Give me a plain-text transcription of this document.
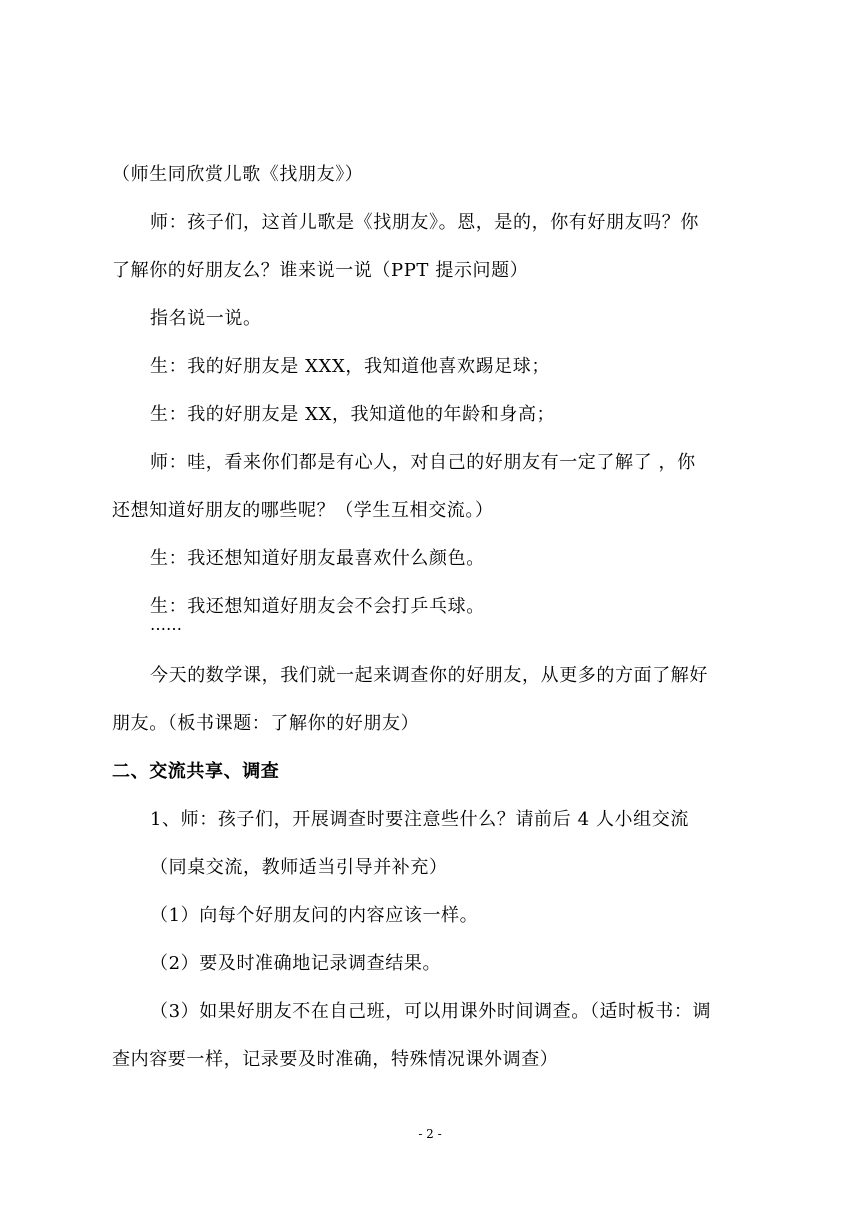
（师生同欣赏儿歌《找朋友》）
师：孩子们，这首儿歌是《找朋友》。恩，是的，你有好朋友吗？你
了解你的好朋友么？谁来说一说（PPT 提示问题）
指名说一说。
生：我的好朋友是 XXX，我知道他喜欢踢足球；
生：我的好朋友是 XX，我知道他的年龄和身高；
师：哇，看来你们都是有心人，对自己的好朋友有一定了解了 ，你
还想知道好朋友的哪些呢？（学生互相交流。）
生：我还想知道好朋友最喜欢什么颜色。
生：我还想知道好朋友会不会打乒乓球。
……
今天的数学课，我们就一起来调查你的好朋友，从更多的方面了解好
朋友。（板书课题：了解你的好朋友）
二、交流共享、调查
1、师：孩子们，开展调查时要注意些什么？请前后 4 人小组交流
（同桌交流，教师适当引导并补充）
（1）向每个好朋友问的内容应该一样。
（2）要及时准确地记录调查结果。
（3）如果好朋友不在自己班，可以用课外时间调查。（适时板书：调
查内容要一样，记录要及时准确，特殊情况课外调查）
- 2 -
